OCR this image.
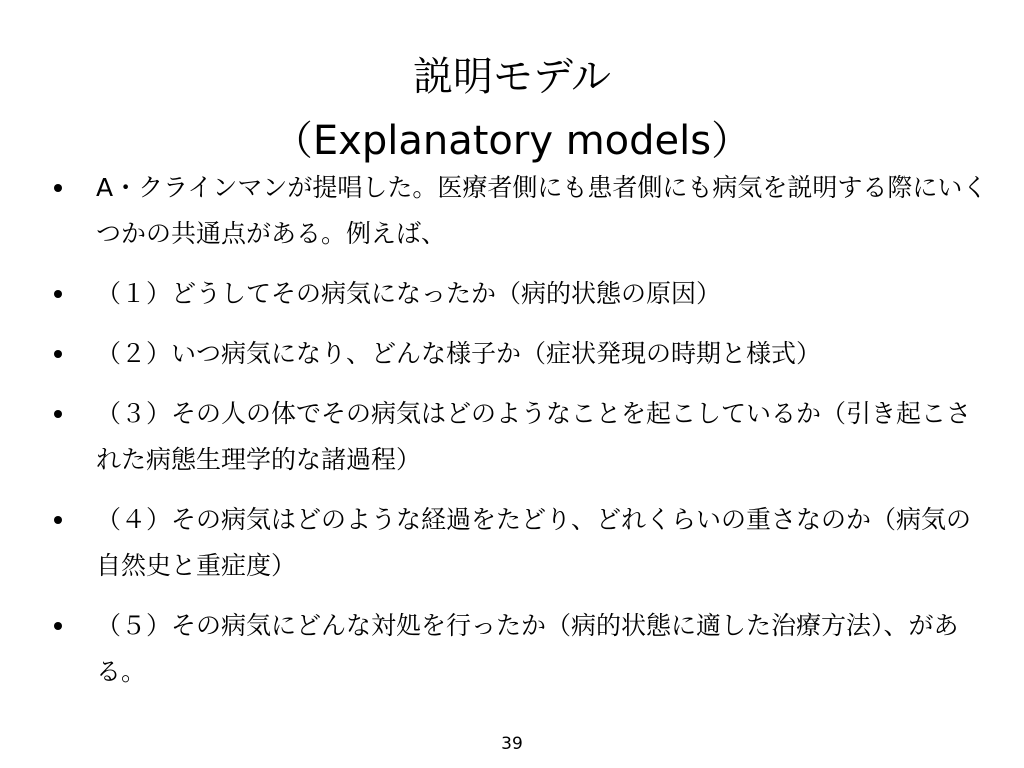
説明モデル
（Explanatory models）
A・クラインマンが提唱した。医療者側にも患者側にも病気を説明する際にいくつかの共通点がある。例えば、
（１）どうしてその病気になったか（病的状態の原因）
（２）いつ病気になり、どんな様子か（症状発現の時期と様式）
（３）その人の体でその病気はどのようなことを起こしているか（引き起こされた病態生理学的な諸過程）
（４）その病気はどのような経過をたどり、どれくらいの重さなのか（病気の自然史と重症度）
（５）その病気にどんな対処を行ったか（病的状態に適した治療方法）、がある。
39
